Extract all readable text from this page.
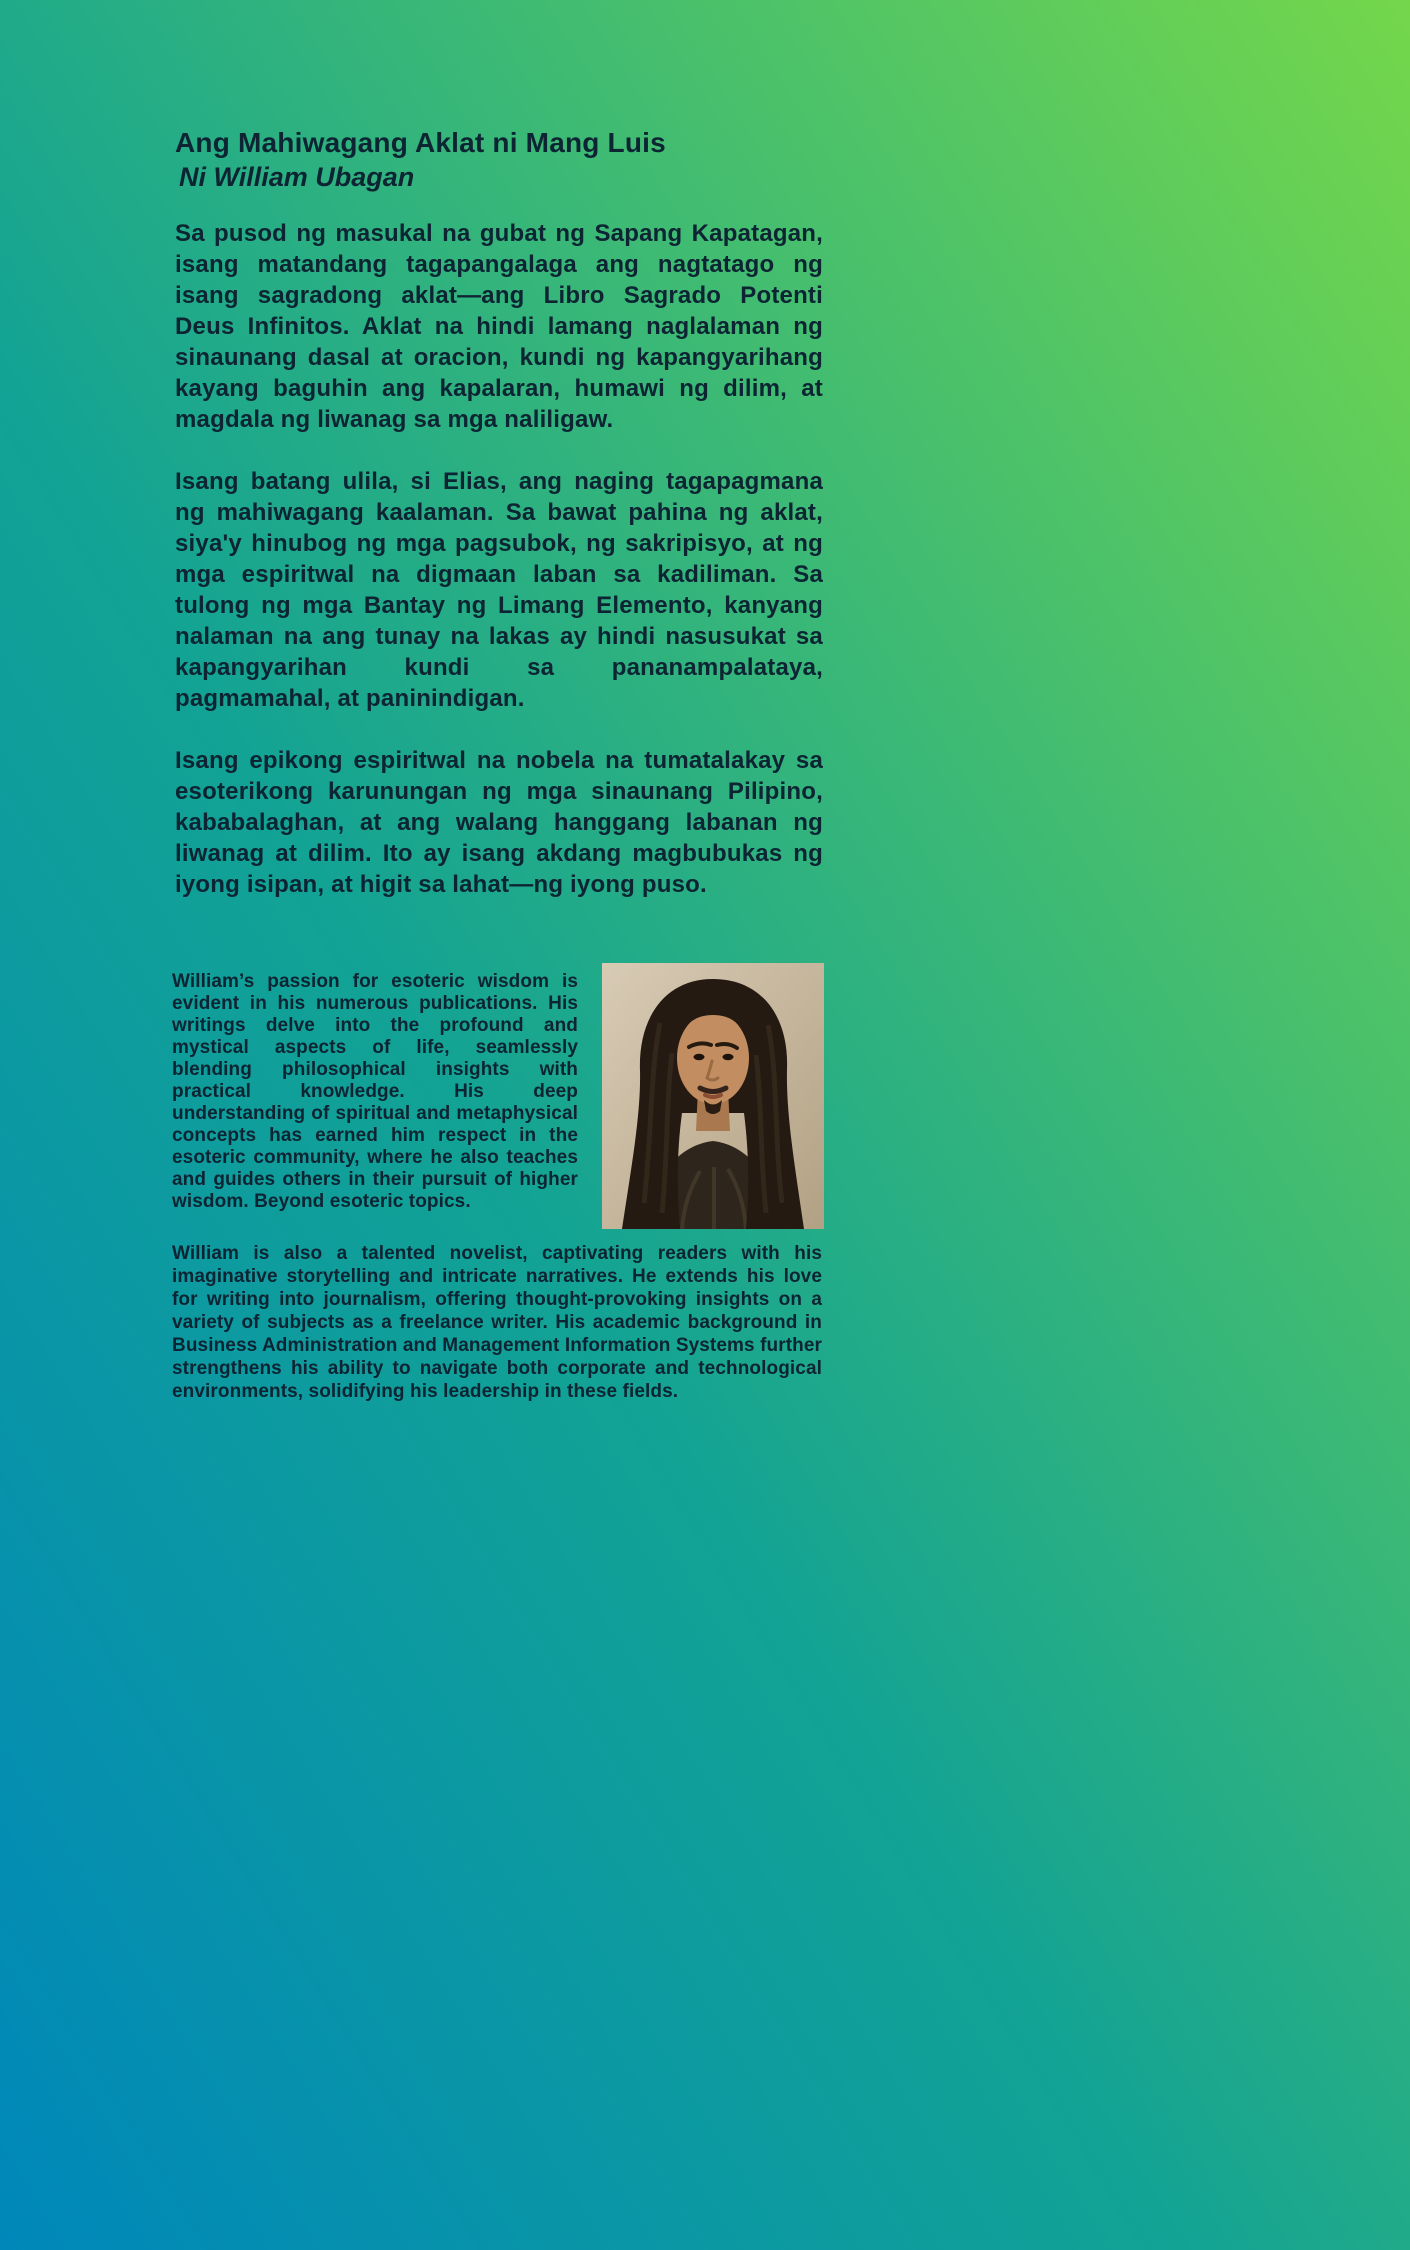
Ang Mahiwagang Aklat ni Mang Luis
Ni William Ubagan

Sa pusod ng masukal na gubat ng Sapang Kapatagan, isang matandang tagapangalaga ang nagtatago ng isang sagradong aklat—ang Libro Sagrado Potenti Deus Infinitos. Aklat na hindi lamang naglalaman ng sinaunang dasal at oracion, kundi ng kapangyarihang kayang baguhin ang kapalaran, humawi ng dilim, at magdala ng liwanag sa mga naliligaw.

Isang batang ulila, si Elias, ang naging tagapagmana ng mahiwagang kaalaman. Sa bawat pahina ng aklat, siya'y hinubog ng mga pagsubok, ng sakripisyo, at ng mga espiritwal na digmaan laban sa kadiliman. Sa tulong ng mga Bantay ng Limang Elemento, kanyang nalaman na ang tunay na lakas ay hindi nasusukat sa kapangyarihan kundi sa pananampalataya, pagmamahal, at paninindigan.

Isang epikong espiritwal na nobela na tumatalakay sa esoterikong karunungan ng mga sinaunang Pilipino, kababalaghan, at ang walang hanggang labanan ng liwanag at dilim. Ito ay isang akdang magbubukas ng iyong isipan, at higit sa lahat—ng iyong puso.

William’s passion for esoteric wisdom is evident in his numerous publications. His writings delve into the profound and mystical aspects of life, seamlessly blending philosophical insights with practical knowledge. His deep understanding of spiritual and metaphysical concepts has earned him respect in the esoteric community, where he also teaches and guides others in their pursuit of higher wisdom. Beyond esoteric topics.

William is also a talented novelist, captivating readers with his imaginative storytelling and intricate narratives. He extends his love for writing into journalism, offering thought-provoking insights on a variety of subjects as a freelance writer. His academic background in Business Administration and Management Information Systems further strengthens his ability to navigate both corporate and technological environments, solidifying his leadership in these fields.
